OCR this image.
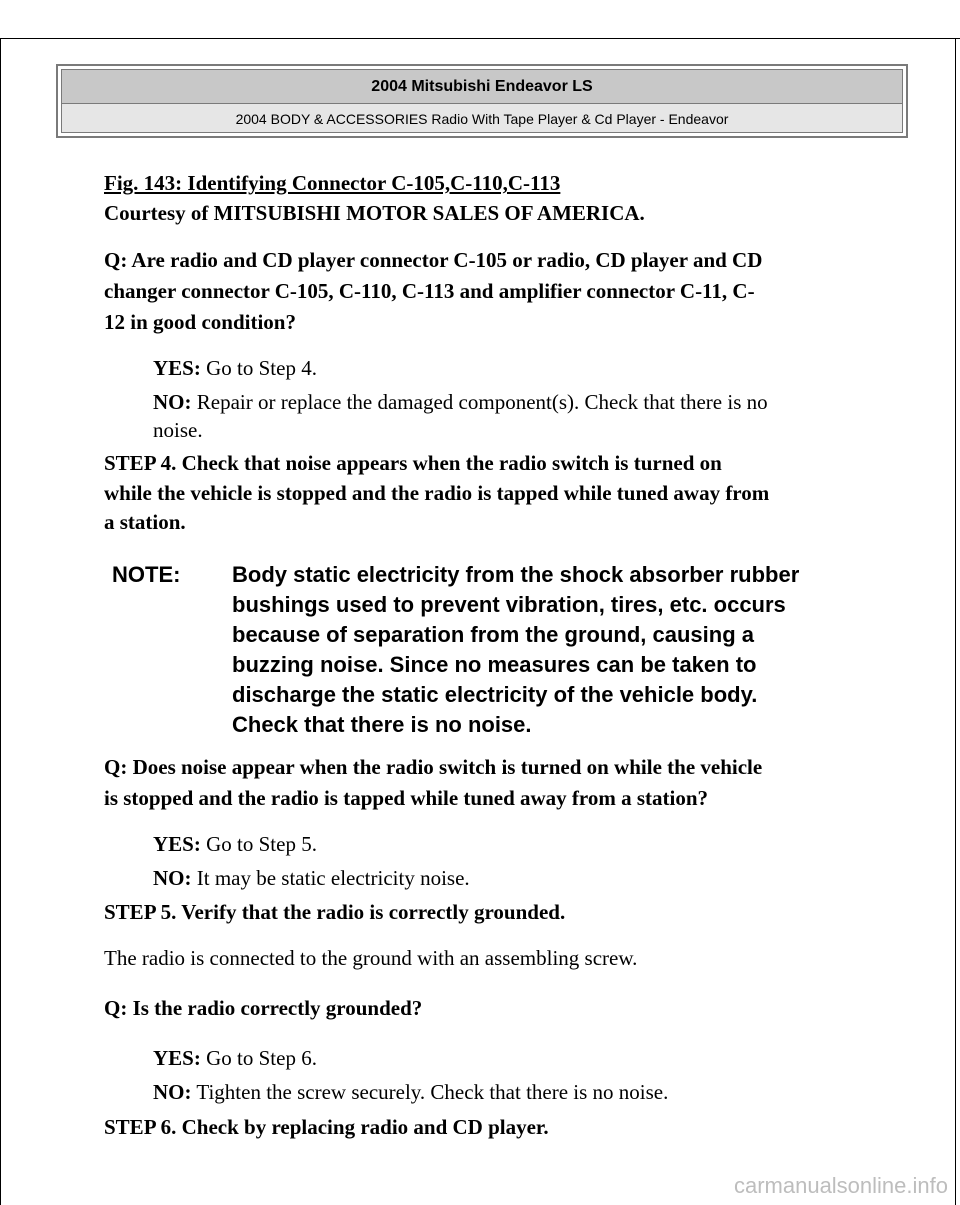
2004 Mitsubishi Endeavor LS
2004 BODY & ACCESSORIES Radio With Tape Player & Cd Player - Endeavor
Fig. 143: Identifying Connector C-105,C-110,C-113
Courtesy of MITSUBISHI MOTOR SALES OF AMERICA.
Q: Are radio and CD player connector C-105 or radio, CD player and CD
changer connector C-105, C-110, C-113 and amplifier connector C-11, C-
12 in good condition?
YES: Go to Step 4.
NO: Repair or replace the damaged component(s). Check that there is no
noise.
STEP 4. Check that noise appears when the radio switch is turned on
while the vehicle is stopped and the radio is tapped while tuned away from
a station.
NOTE: Body static electricity from the shock absorber rubber
bushings used to prevent vibration, tires, etc. occurs
because of separation from the ground, causing a
buzzing noise. Since no measures can be taken to
discharge the static electricity of the vehicle body.
Check that there is no noise.
Q: Does noise appear when the radio switch is turned on while the vehicle
is stopped and the radio is tapped while tuned away from a station?
YES: Go to Step 5.
NO: It may be static electricity noise.
STEP 5. Verify that the radio is correctly grounded.
The radio is connected to the ground with an assembling screw.
Q: Is the radio correctly grounded?
YES: Go to Step 6.
NO: Tighten the screw securely. Check that there is no noise.
STEP 6. Check by replacing radio and CD player.
carmanualsonline.info
